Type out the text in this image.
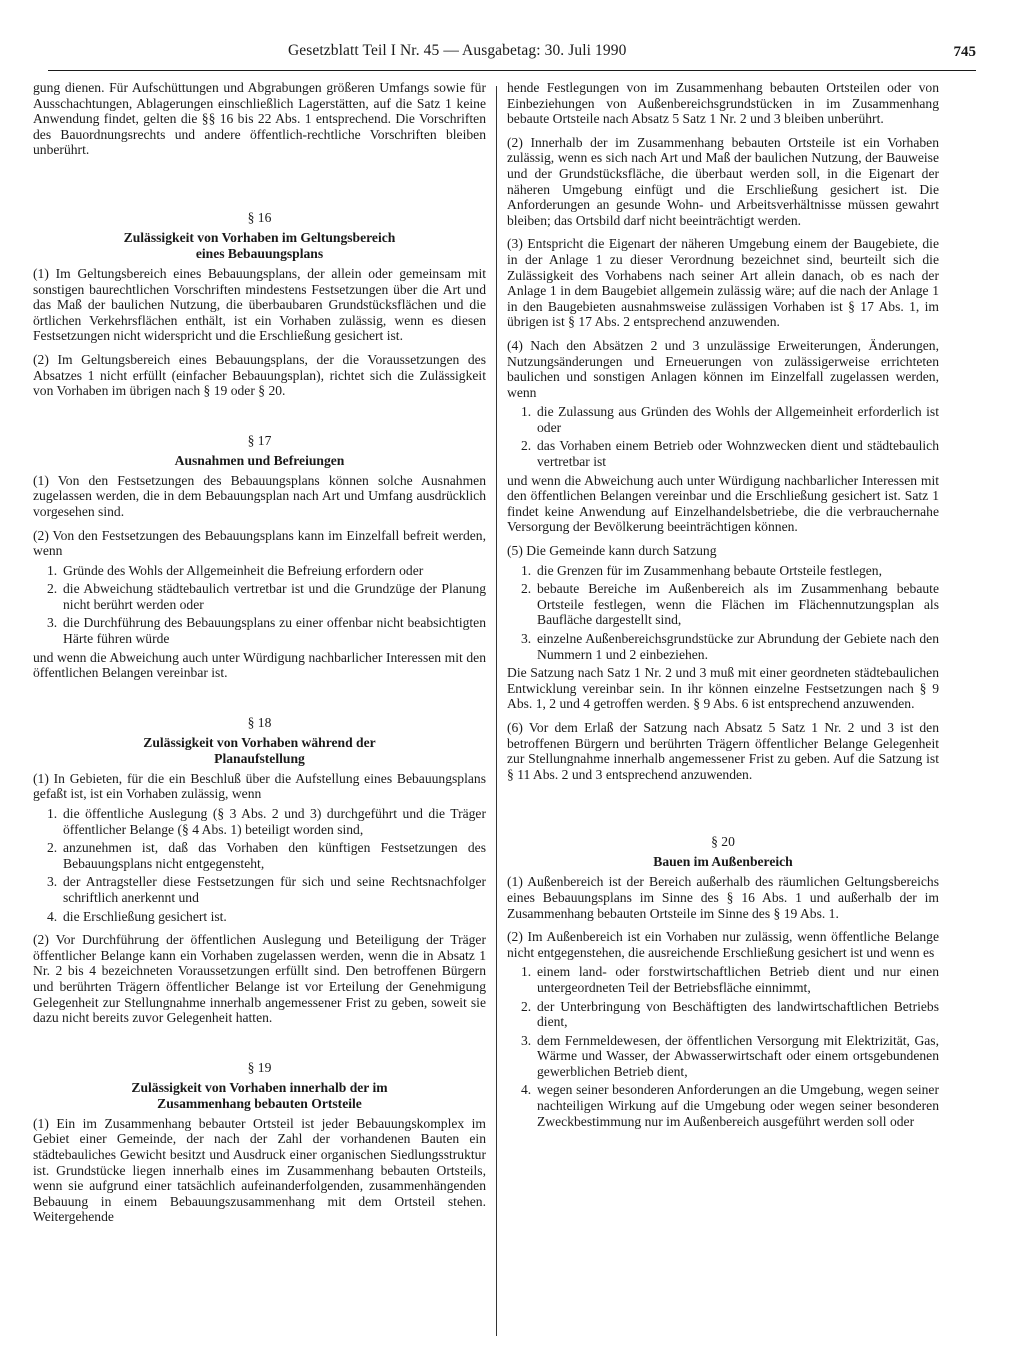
Gesetzblatt Teil I Nr. 45 — Ausgabetag: 30. Juli 1990	745

gung dienen. Für Aufschüttungen und Abgrabungen größeren Umfangs sowie für Ausschachtungen, Ablagerungen einschließlich Lagerstätten, auf die Satz 1 keine Anwendung findet, gelten die §§ 16 bis 22 Abs. 1 entsprechend. Die Vorschriften des Bauordnungsrechts und andere öffentlich-rechtliche Vorschriften bleiben unberührt.

§ 16
Zulässigkeit von Vorhaben im Geltungsbereich
eines Bebauungsplans

(1) Im Geltungsbereich eines Bebauungsplans, der allein oder gemeinsam mit sonstigen baurechtlichen Vorschriften mindestens Festsetzungen über die Art und das Maß der baulichen Nutzung, die überbaubaren Grundstücksflächen und die örtlichen Verkehrsflächen enthält, ist ein Vorhaben zulässig, wenn es diesen Festsetzungen nicht widerspricht und die Erschließung gesichert ist.

(2) Im Geltungsbereich eines Bebauungsplans, der die Voraussetzungen des Absatzes 1 nicht erfüllt (einfacher Bebauungsplan), richtet sich die Zulässigkeit von Vorhaben im übrigen nach § 19 oder § 20.

§ 17
Ausnahmen und Befreiungen

(1) Von den Festsetzungen des Bebauungsplans können solche Ausnahmen zugelassen werden, die in dem Bebauungsplan nach Art und Umfang ausdrücklich vorgesehen sind.

(2) Von den Festsetzungen des Bebauungsplans kann im Einzelfall befreit werden, wenn

1. Gründe des Wohls der Allgemeinheit die Befreiung erfordern oder
2. die Abweichung städtebaulich vertretbar ist und die Grundzüge der Planung nicht berührt werden oder
3. die Durchführung des Bebauungsplans zu einer offenbar nicht beabsichtigten Härte führen würde

und wenn die Abweichung auch unter Würdigung nachbarlicher Interessen mit den öffentlichen Belangen vereinbar ist.

§ 18
Zulässigkeit von Vorhaben während der
Planaufstellung

(1) In Gebieten, für die ein Beschluß über die Aufstellung eines Bebauungsplans gefaßt ist, ist ein Vorhaben zulässig, wenn

1. die öffentliche Auslegung (§ 3 Abs. 2 und 3) durchgeführt und die Träger öffentlicher Belange (§ 4 Abs. 1) beteiligt worden sind,
2. anzunehmen ist, daß das Vorhaben den künftigen Festsetzungen des Bebauungsplans nicht entgegensteht,
3. der Antragsteller diese Festsetzungen für sich und seine Rechtsnachfolger schriftlich anerkennt und
4. die Erschließung gesichert ist.

(2) Vor Durchführung der öffentlichen Auslegung und Beteiligung der Träger öffentlicher Belange kann ein Vorhaben zugelassen werden, wenn die in Absatz 1 Nr. 2 bis 4 bezeichneten Voraussetzungen erfüllt sind. Den betroffenen Bürgern und berührten Trägern öffentlicher Belange ist vor Erteilung der Genehmigung Gelegenheit zur Stellungnahme innerhalb angemessener Frist zu geben, soweit sie dazu nicht bereits zuvor Gelegenheit hatten.

§ 19
Zulässigkeit von Vorhaben innerhalb der im
Zusammenhang bebauten Ortsteile

(1) Ein im Zusammenhang bebauter Ortsteil ist jeder Bebauungskomplex im Gebiet einer Gemeinde, der nach der Zahl der vorhandenen Bauten ein städtebauliches Gewicht besitzt und Ausdruck einer organischen Siedlungsstruktur ist. Grundstücke liegen innerhalb eines im Zusammenhang bebauten Ortsteils, wenn sie aufgrund einer tatsächlich aufeinanderfolgenden, zusammenhängenden Bebauung in einem Bebauungszusammenhang mit dem Ortsteil stehen. Weitergehende

hende Festlegungen von im Zusammenhang bebauten Ortsteilen oder von Einbeziehungen von Außenbereichsgrundstücken in im Zusammenhang bebaute Ortsteile nach Absatz 5 Satz 1 Nr. 2 und 3 bleiben unberührt.

(2) Innerhalb der im Zusammenhang bebauten Ortsteile ist ein Vorhaben zulässig, wenn es sich nach Art und Maß der baulichen Nutzung, der Bauweise und der Grundstücksfläche, die überbaut werden soll, in die Eigenart der näheren Umgebung einfügt und die Erschließung gesichert ist. Die Anforderungen an gesunde Wohn- und Arbeitsverhältnisse müssen gewahrt bleiben; das Ortsbild darf nicht beeinträchtigt werden.

(3) Entspricht die Eigenart der näheren Umgebung einem der Baugebiete, die in der Anlage 1 zu dieser Verordnung bezeichnet sind, beurteilt sich die Zulässigkeit des Vorhabens nach seiner Art allein danach, ob es nach der Anlage 1 in dem Baugebiet allgemein zulässig wäre; auf die nach der Anlage 1 in den Baugebieten ausnahmsweise zulässigen Vorhaben ist § 17 Abs. 1, im übrigen ist § 17 Abs. 2 entsprechend anzuwenden.

(4) Nach den Absätzen 2 und 3 unzulässige Erweiterungen, Änderungen, Nutzungsänderungen und Erneuerungen von zulässigerweise errichteten baulichen und sonstigen Anlagen können im Einzelfall zugelassen werden, wenn

1. die Zulassung aus Gründen des Wohls der Allgemeinheit erforderlich ist oder
2. das Vorhaben einem Betrieb oder Wohnzwecken dient und städtebaulich vertretbar ist

und wenn die Abweichung auch unter Würdigung nachbarlicher Interessen mit den öffentlichen Belangen vereinbar und die Erschließung gesichert ist. Satz 1 findet keine Anwendung auf Einzelhandelsbetriebe, die die verbrauchernahe Versorgung der Bevölkerung beeinträchtigen können.

(5) Die Gemeinde kann durch Satzung

1. die Grenzen für im Zusammenhang bebaute Ortsteile festlegen,
2. bebaute Bereiche im Außenbereich als im Zusammenhang bebaute Ortsteile festlegen, wenn die Flächen im Flächennutzungsplan als Baufläche dargestellt sind,
3. einzelne Außenbereichsgrundstücke zur Abrundung der Gebiete nach den Nummern 1 und 2 einbeziehen.

Die Satzung nach Satz 1 Nr. 2 und 3 muß mit einer geordneten städtebaulichen Entwicklung vereinbar sein. In ihr können einzelne Festsetzungen nach § 9 Abs. 1, 2 und 4 getroffen werden. § 9 Abs. 6 ist entsprechend anzuwenden.

(6) Vor dem Erlaß der Satzung nach Absatz 5 Satz 1 Nr. 2 und 3 ist den betroffenen Bürgern und berührten Trägern öffentlicher Belange Gelegenheit zur Stellungnahme innerhalb angemessener Frist zu geben. Auf die Satzung ist § 11 Abs. 2 und 3 entsprechend anzuwenden.

§ 20
Bauen im Außenbereich

(1) Außenbereich ist der Bereich außerhalb des räumlichen Geltungsbereichs eines Bebauungsplans im Sinne des § 16 Abs. 1 und außerhalb der im Zusammenhang bebauten Ortsteile im Sinne des § 19 Abs. 1.

(2) Im Außenbereich ist ein Vorhaben nur zulässig, wenn öffentliche Belange nicht entgegenstehen, die ausreichende Erschließung gesichert ist und wenn es

1. einem land- oder forstwirtschaftlichen Betrieb dient und nur einen untergeordneten Teil der Betriebsfläche einnimmt,
2. der Unterbringung von Beschäftigten des landwirtschaftlichen Betriebs dient,
3. dem Fernmeldewesen, der öffentlichen Versorgung mit Elektrizität, Gas, Wärme und Wasser, der Abwasserwirtschaft oder einem ortsgebundenen gewerblichen Betrieb dient,
4. wegen seiner besonderen Anforderungen an die Umgebung, wegen seiner nachteiligen Wirkung auf die Umgebung oder wegen seiner besonderen Zweckbestimmung nur im Außenbereich ausgeführt werden soll oder
